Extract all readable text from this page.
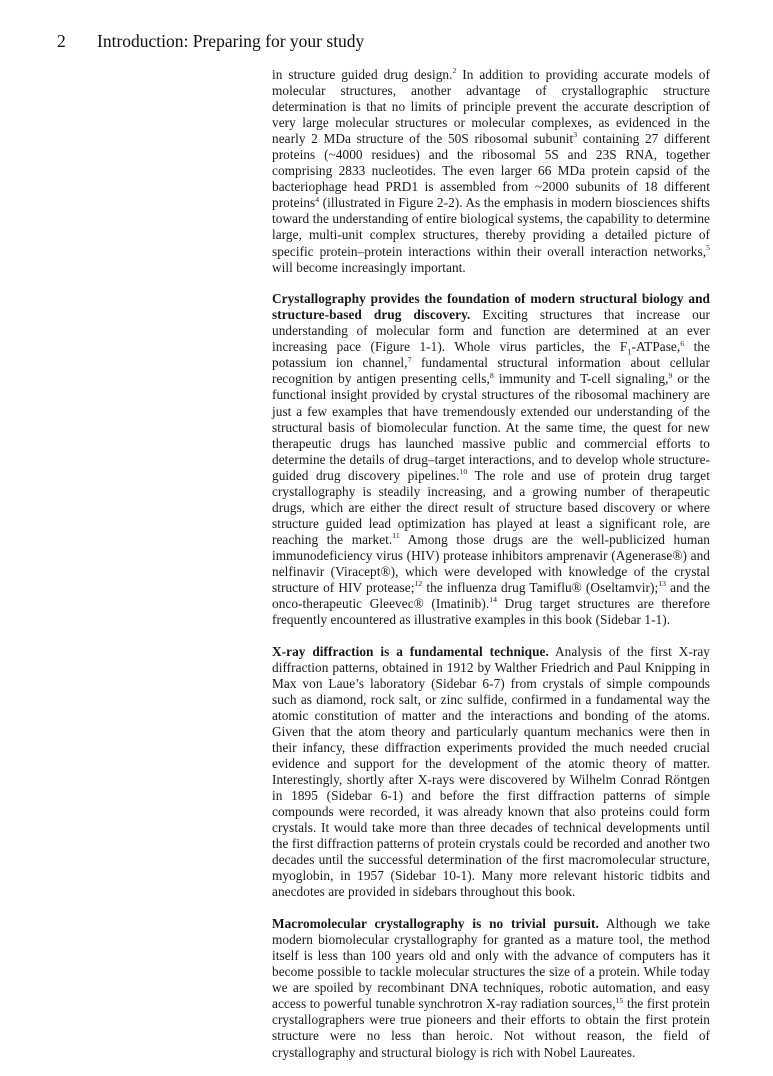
2	Introduction: Preparing for your study

in structure guided drug design.$^2$ In addition to providing accurate models of molecular structures, another advantage of crystallographic structure determination is that no limits of principle prevent the accurate description of very large molecular structures or molecular complexes, as evidenced in the nearly 2 MDa structure of the 50S ribosomal subunit$^3$ containing 27 different proteins (~4000 residues) and the ribosomal 5S and 23S RNA, together comprising 2833 nucleotides. The even larger 66 MDa protein capsid of the bacteriophage head PRD1 is assembled from ~2000 subunits of 18 different proteins$^4$ (illustrated in Figure 2-2). As the emphasis in modern biosciences shifts toward the understanding of entire biological systems, the capability to determine large, multi-unit complex structures, thereby providing a detailed picture of specific protein–protein interactions within their overall interaction networks,$^5$ will become increasingly important.

Crystallography provides the foundation of modern structural biology and structure-based drug discovery. Exciting structures that increase our understanding of molecular form and function are determined at an ever increasing pace (Figure 1-1). Whole virus particles, the $F_1-ATPase,^6$ the potassium ion channel,$^7$ fundamental structural information about cellular recognition by antigen presenting cells,$^8$ immunity and T-cell signaling,$^9$ or the functional insight provided by crystal structures of the ribosomal machinery are just a few examples that have tremendously extended our understanding of the structural basis of biomolecular function. At the same time, the quest for new therapeutic drugs has launched massive public and commercial efforts to determine the details of drug–target interactions, and to develop whole structure-guided drug discovery pipelines.$^{10}$ The role and use of protein drug target crystallography is steadily increasing, and a growing number of therapeutic drugs, which are either the direct result of structure based discovery or where structure guided lead optimization has played at least a significant role, are reaching the market.$^{11}$ Among those drugs are the well-publicized human immunodeficiency virus (HIV) protease inhibitors amprenavir (Agenerase®) and nelfinavir (Viracept®), which were developed with knowledge of the crystal structure of HIV protease;$^{12}$ the influenza drug Tamiflu® (Oseltamvir);$^{13}$ and the onco-therapeutic Gleevec® (Imatinib).$^{14}$ Drug target structures are therefore frequently encountered as illustrative examples in this book (Sidebar 1-1).

X-ray diffraction is a fundamental technique. Analysis of the first X-ray diffraction patterns, obtained in 1912 by Walther Friedrich and Paul Knipping in Max von Laue’s laboratory (Sidebar 6-7) from crystals of simple compounds such as diamond, rock salt, or zinc sulfide, confirmed in a fundamental way the atomic constitution of matter and the interactions and bonding of the atoms. Given that the atom theory and particularly quantum mechanics were then in their infancy, these diffraction experiments provided the much needed crucial evidence and support for the development of the atomic theory of matter. Interestingly, shortly after X-rays were discovered by Wilhelm Conrad Röntgen in 1895 (Sidebar 6-1) and before the first diffraction patterns of simple compounds were recorded, it was already known that also proteins could form crystals. It would take more than three decades of technical developments until the first diffraction patterns of protein crystals could be recorded and another two decades until the successful determination of the first macromolecular structure, myoglobin, in 1957 (Sidebar 10-1). Many more relevant historic tidbits and anecdotes are provided in sidebars throughout this book.

Macromolecular crystallography is no trivial pursuit. Although we take modern biomolecular crystallography for granted as a mature tool, the method itself is less than 100 years old and only with the advance of computers has it become possible to tackle molecular structures the size of a protein. While today we are spoiled by recombinant DNA techniques, robotic automation, and easy access to powerful tunable synchrotron X-ray radiation sources,$^{15}$ the first protein crystallographers were true pioneers and their efforts to obtain the first protein structure were no less than heroic. Not without reason, the field of crystallography and structural biology is rich with Nobel Laureates.
